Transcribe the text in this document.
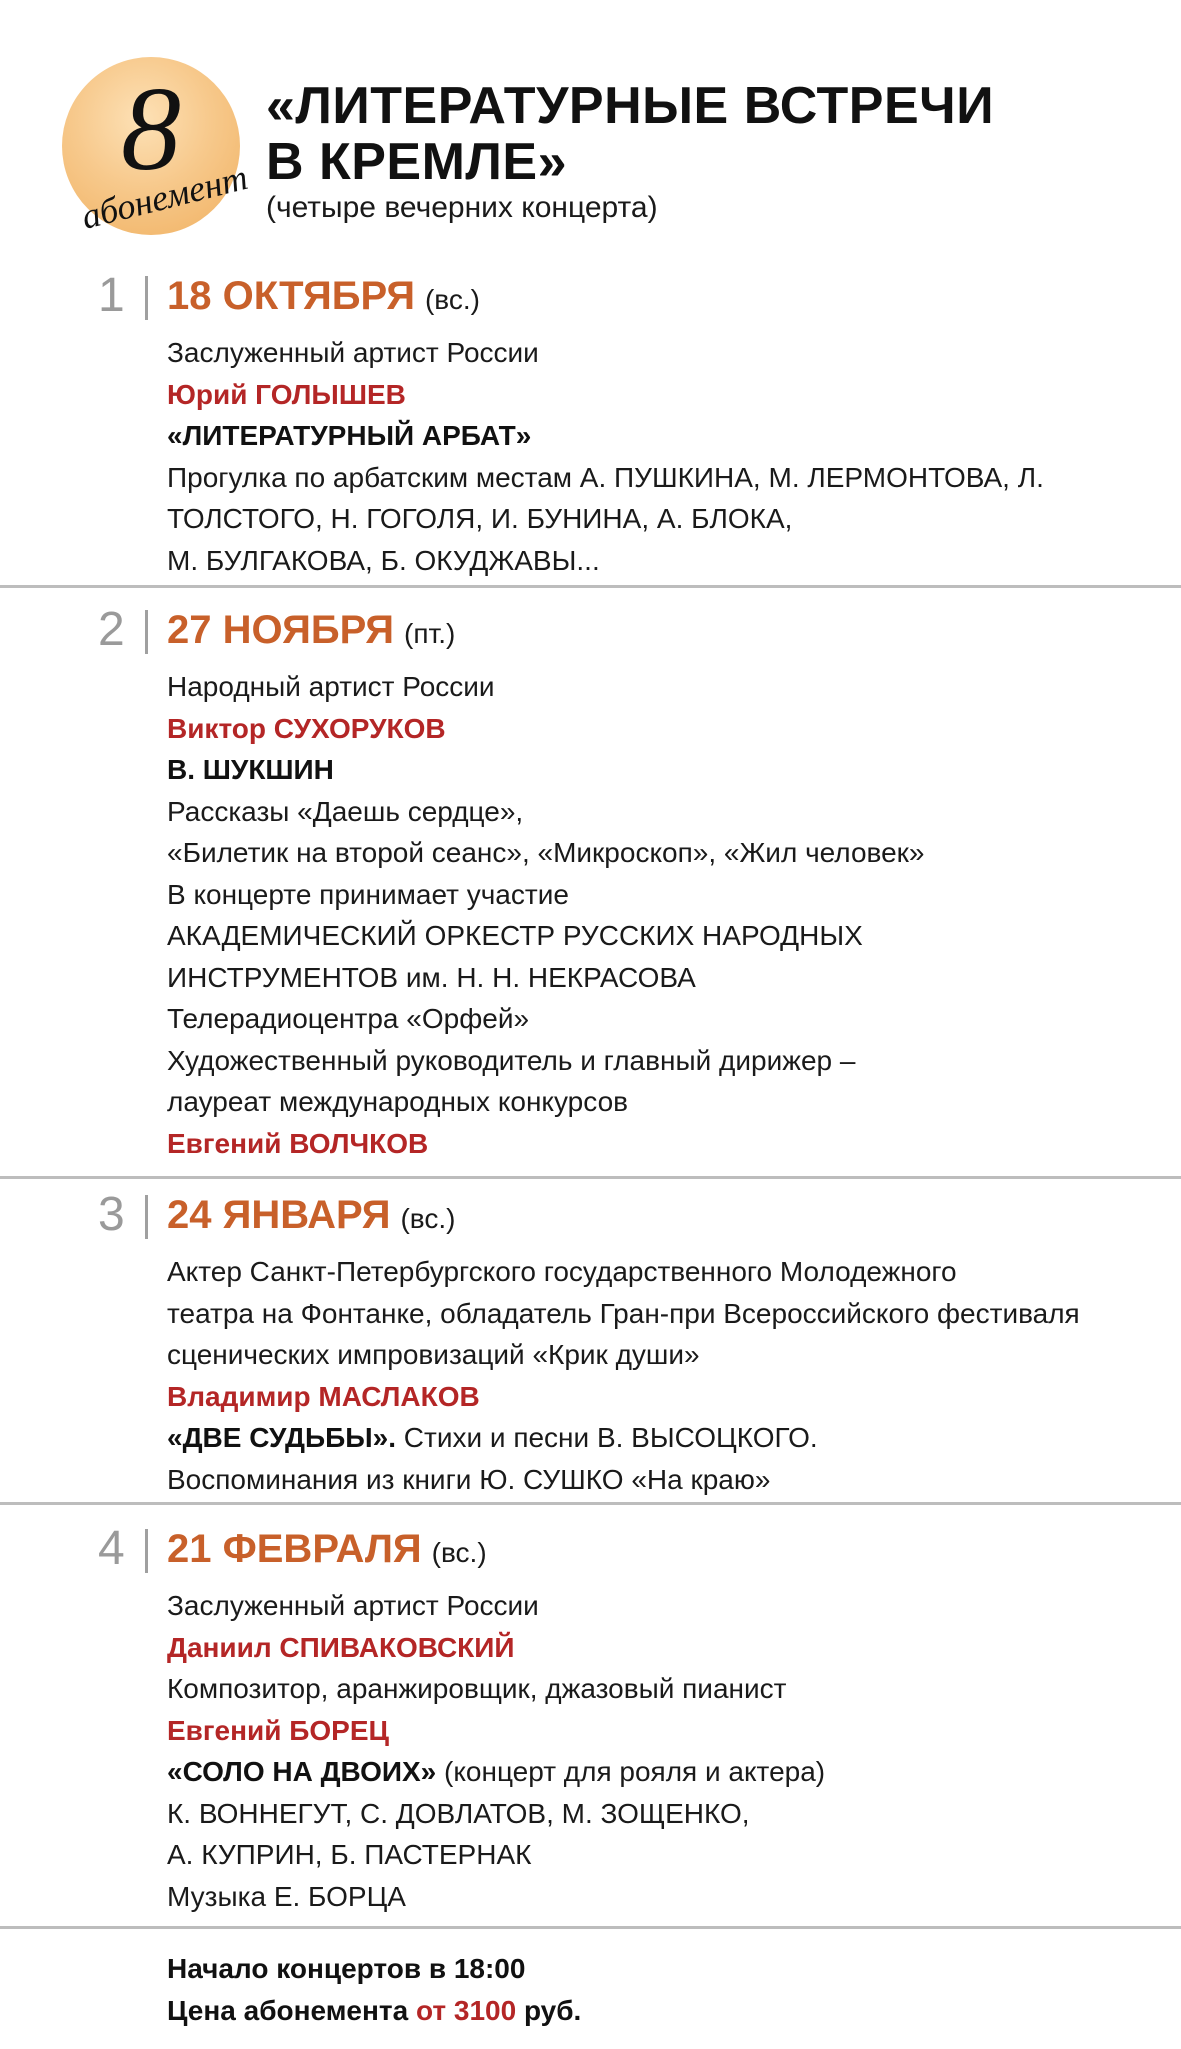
8
абонемент
«ЛИТЕРАТУРНЫЕ ВСТРЕЧИ
В КРЕМЛЕ»
(четыре вечерних концерта)
1	18 ОКТЯБРЯ (вс.)
Заслуженный артист России
Юрий ГОЛЫШЕВ
«ЛИТЕРАТУРНЫЙ АРБАТ»
Прогулка по арбатским местам А. ПУШКИНА, М. ЛЕРМОНТОВА, Л.
ТОЛСТОГО, Н. ГОГОЛЯ, И. БУНИНА, А. БЛОКА,
М. БУЛГАКОВА, Б. ОКУДЖАВЫ...
2	27 НОЯБРЯ (пт.)
Народный артист России
Виктор СУХОРУКОВ
В. ШУКШИН
Рассказы «Даешь сердце»,
«Билетик на второй сеанс», «Микроскоп», «Жил человек»
В концерте принимает участие
АКАДЕМИЧЕСКИЙ ОРКЕСТР РУССКИХ НАРОДНЫХ
ИНСТРУМЕНТОВ им. Н. Н. НЕКРАСОВА
Телерадиоцентра «Орфей»
Художественный руководитель и главный дирижер –
лауреат международных конкурсов
Евгений ВОЛЧКОВ
3	24 ЯНВАРЯ (вс.)
Актер Санкт-Петербургского государственного Молодежного
театра на Фонтанке, обладатель Гран-при Всероссийского фестиваля
сценических импровизаций «Крик души»
Владимир МАСЛАКОВ
«ДВЕ СУДЬБЫ». Стихи и песни В. ВЫСОЦКОГО.
Воспоминания из книги Ю. СУШКО «На краю»
4	21 ФЕВРАЛЯ (вс.)
Заслуженный артист России
Даниил СПИВАКОВСКИЙ
Композитор, аранжировщик, джазовый пианист
Евгений БОРЕЦ
«СОЛО НА ДВОИХ» (концерт для рояля и актера)
К. ВОННЕГУТ, С. ДОВЛАТОВ, М. ЗОЩЕНКО,
А. КУПРИН, Б. ПАСТЕРНАК
Музыка Е. БОРЦА
Начало концертов в 18:00
Цена абонемента от 3100 руб.
